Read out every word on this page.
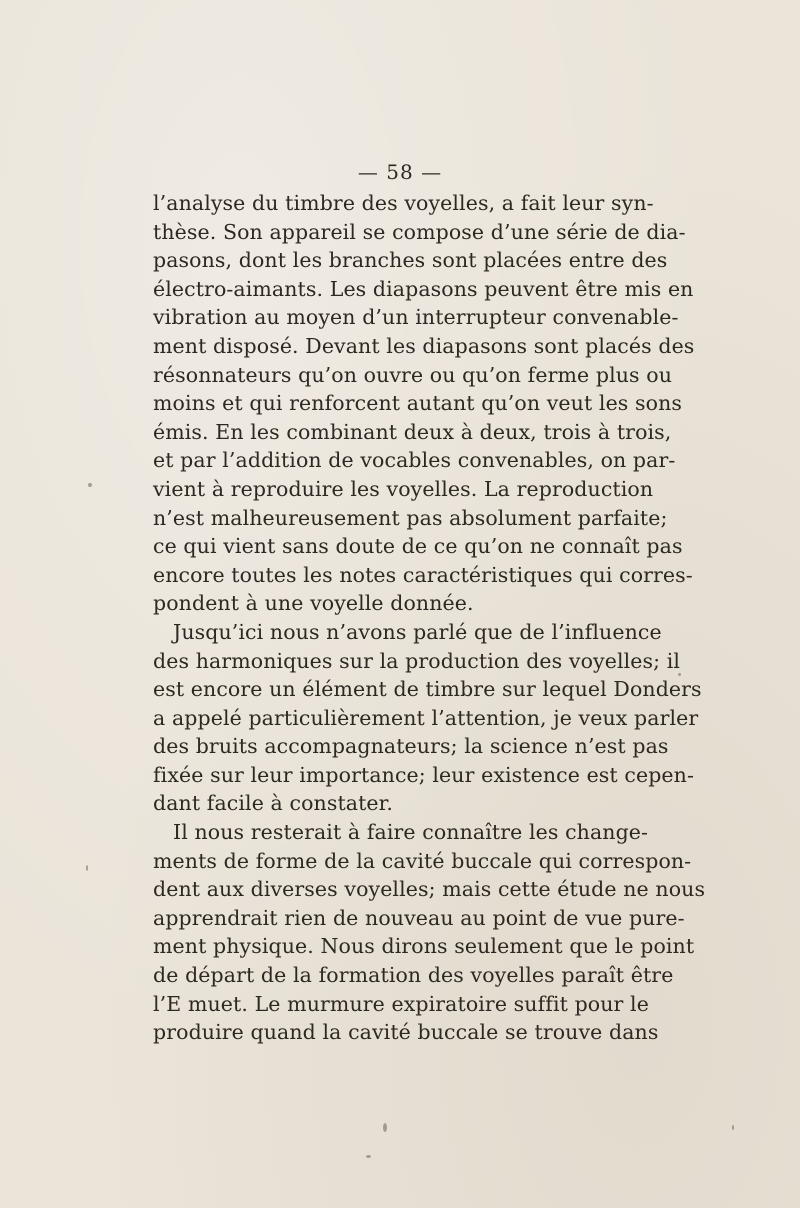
— 58 —
l’analyse du timbre des voyelles, a fait leur syn-
thèse. Son appareil se compose d’une série de dia-
pasons, dont les branches sont placées entre des
électro-aimants. Les diapasons peuvent être mis en
vibration au moyen d’un interrupteur convenable-
ment disposé. Devant les diapasons sont placés des
résonnateurs qu’on ouvre ou qu’on ferme plus ou
moins et qui renforcent autant qu’on veut les sons
émis. En les combinant deux à deux, trois à trois,
et par l’addition de vocables convenables, on par-
vient à reproduire les voyelles. La reproduction
n’est malheureusement pas absolument parfaite;
ce qui vient sans doute de ce qu’on ne connaît pas
encore toutes les notes caractéristiques qui corres-
pondent à une voyelle donnée.
Jusqu’ici nous n’avons parlé que de l’influence
des harmoniques sur la production des voyelles; il
est encore un élément de timbre sur lequel Donders
a appelé particulièrement l’attention, je veux parler
des bruits accompagnateurs; la science n’est pas
fixée sur leur importance; leur existence est cepen-
dant facile à constater.
Il nous resterait à faire connaître les change-
ments de forme de la cavité buccale qui correspon-
dent aux diverses voyelles; mais cette étude ne nous
apprendrait rien de nouveau au point de vue pure-
ment physique. Nous dirons seulement que le point
de départ de la formation des voyelles paraît être
l’E muet. Le murmure expiratoire suffit pour le
produire quand la cavité buccale se trouve dans
